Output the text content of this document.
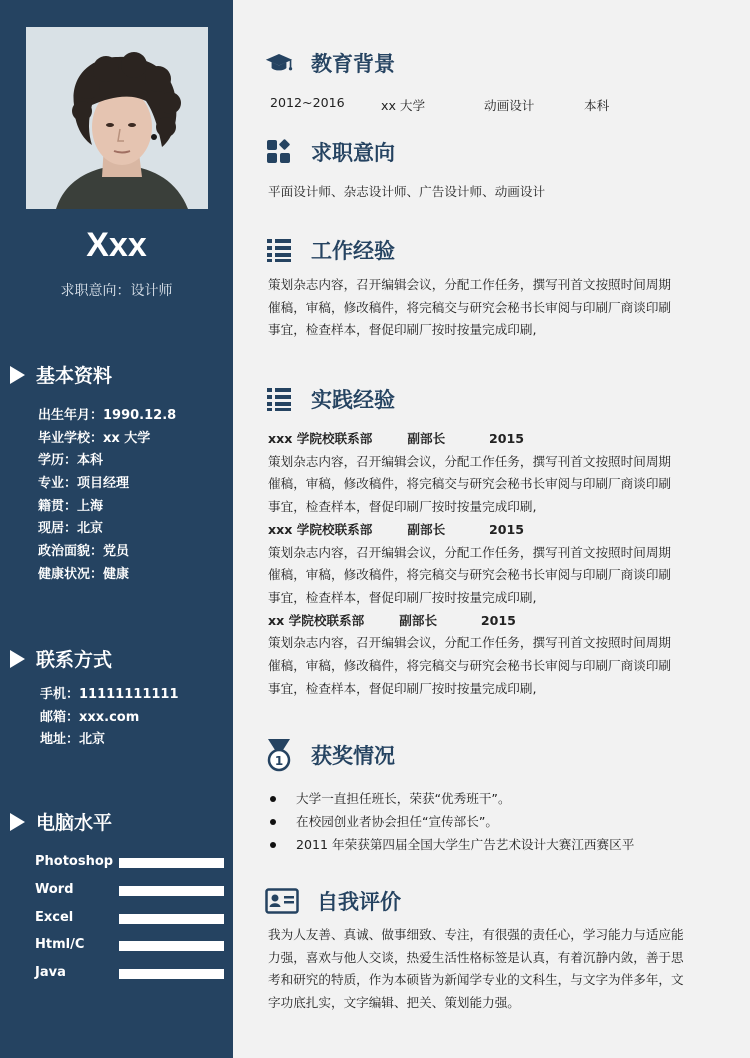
Xxx
求职意向：设计师
基本资料
出生年月：1990.12.8
毕业学校：xx 大学
学历：本科
专业：项目经理
籍贯：上海
现居：北京
政治面貌：党员
健康状况：健康
联系方式
手机：11111111111
邮箱：xxx.com
地址：北京
电脑水平
Photoshop
Word
Excel
Html/C
Java
教育背景
2012~2016	xx 大学	动画设计	本科
求职意向
平面设计师、杂志设计师、广告设计师、动画设计
工作经验
策划杂志内容，召开编辑会议，分配工作任务，撰写刊首文按照时间周期
催稿，审稿，修改稿件，将完稿交与研究会秘书长审阅与印刷厂商谈印刷
事宜，检查样本，督促印刷厂按时按量完成印刷,
实践经验
xxx 学院校联系部        副部长          2015
策划杂志内容，召开编辑会议，分配工作任务，撰写刊首文按照时间周期
催稿，审稿，修改稿件，将完稿交与研究会秘书长审阅与印刷厂商谈印刷
事宜，检查样本，督促印刷厂按时按量完成印刷,
xxx 学院校联系部        副部长          2015
策划杂志内容，召开编辑会议，分配工作任务，撰写刊首文按照时间周期
催稿，审稿，修改稿件，将完稿交与研究会秘书长审阅与印刷厂商谈印刷
事宜，检查样本，督促印刷厂按时按量完成印刷,
xx 学院校联系部        副部长          2015
策划杂志内容，召开编辑会议，分配工作任务，撰写刊首文按照时间周期
催稿，审稿，修改稿件，将完稿交与研究会秘书长审阅与印刷厂商谈印刷
事宜，检查样本，督促印刷厂按时按量完成印刷,
1 获奖情况
大学一直担任班长，荣获“优秀班干”。
在校园创业者协会担任“宣传部长”。
2011 年荣获第四届全国大学生广告艺术设计大赛江西赛区平
自我评价
我为人友善、真诚、做事细致、专注，有很强的责任心，学习能力与适应能
力强，喜欢与他人交谈，热爱生活性格标签是认真，有着沉静内敛，善于思
考和研究的特质，作为本硕皆为新闻学专业的文科生，与文字为伴多年，文
字功底扎实，文字编辑、把关、策划能力强。
